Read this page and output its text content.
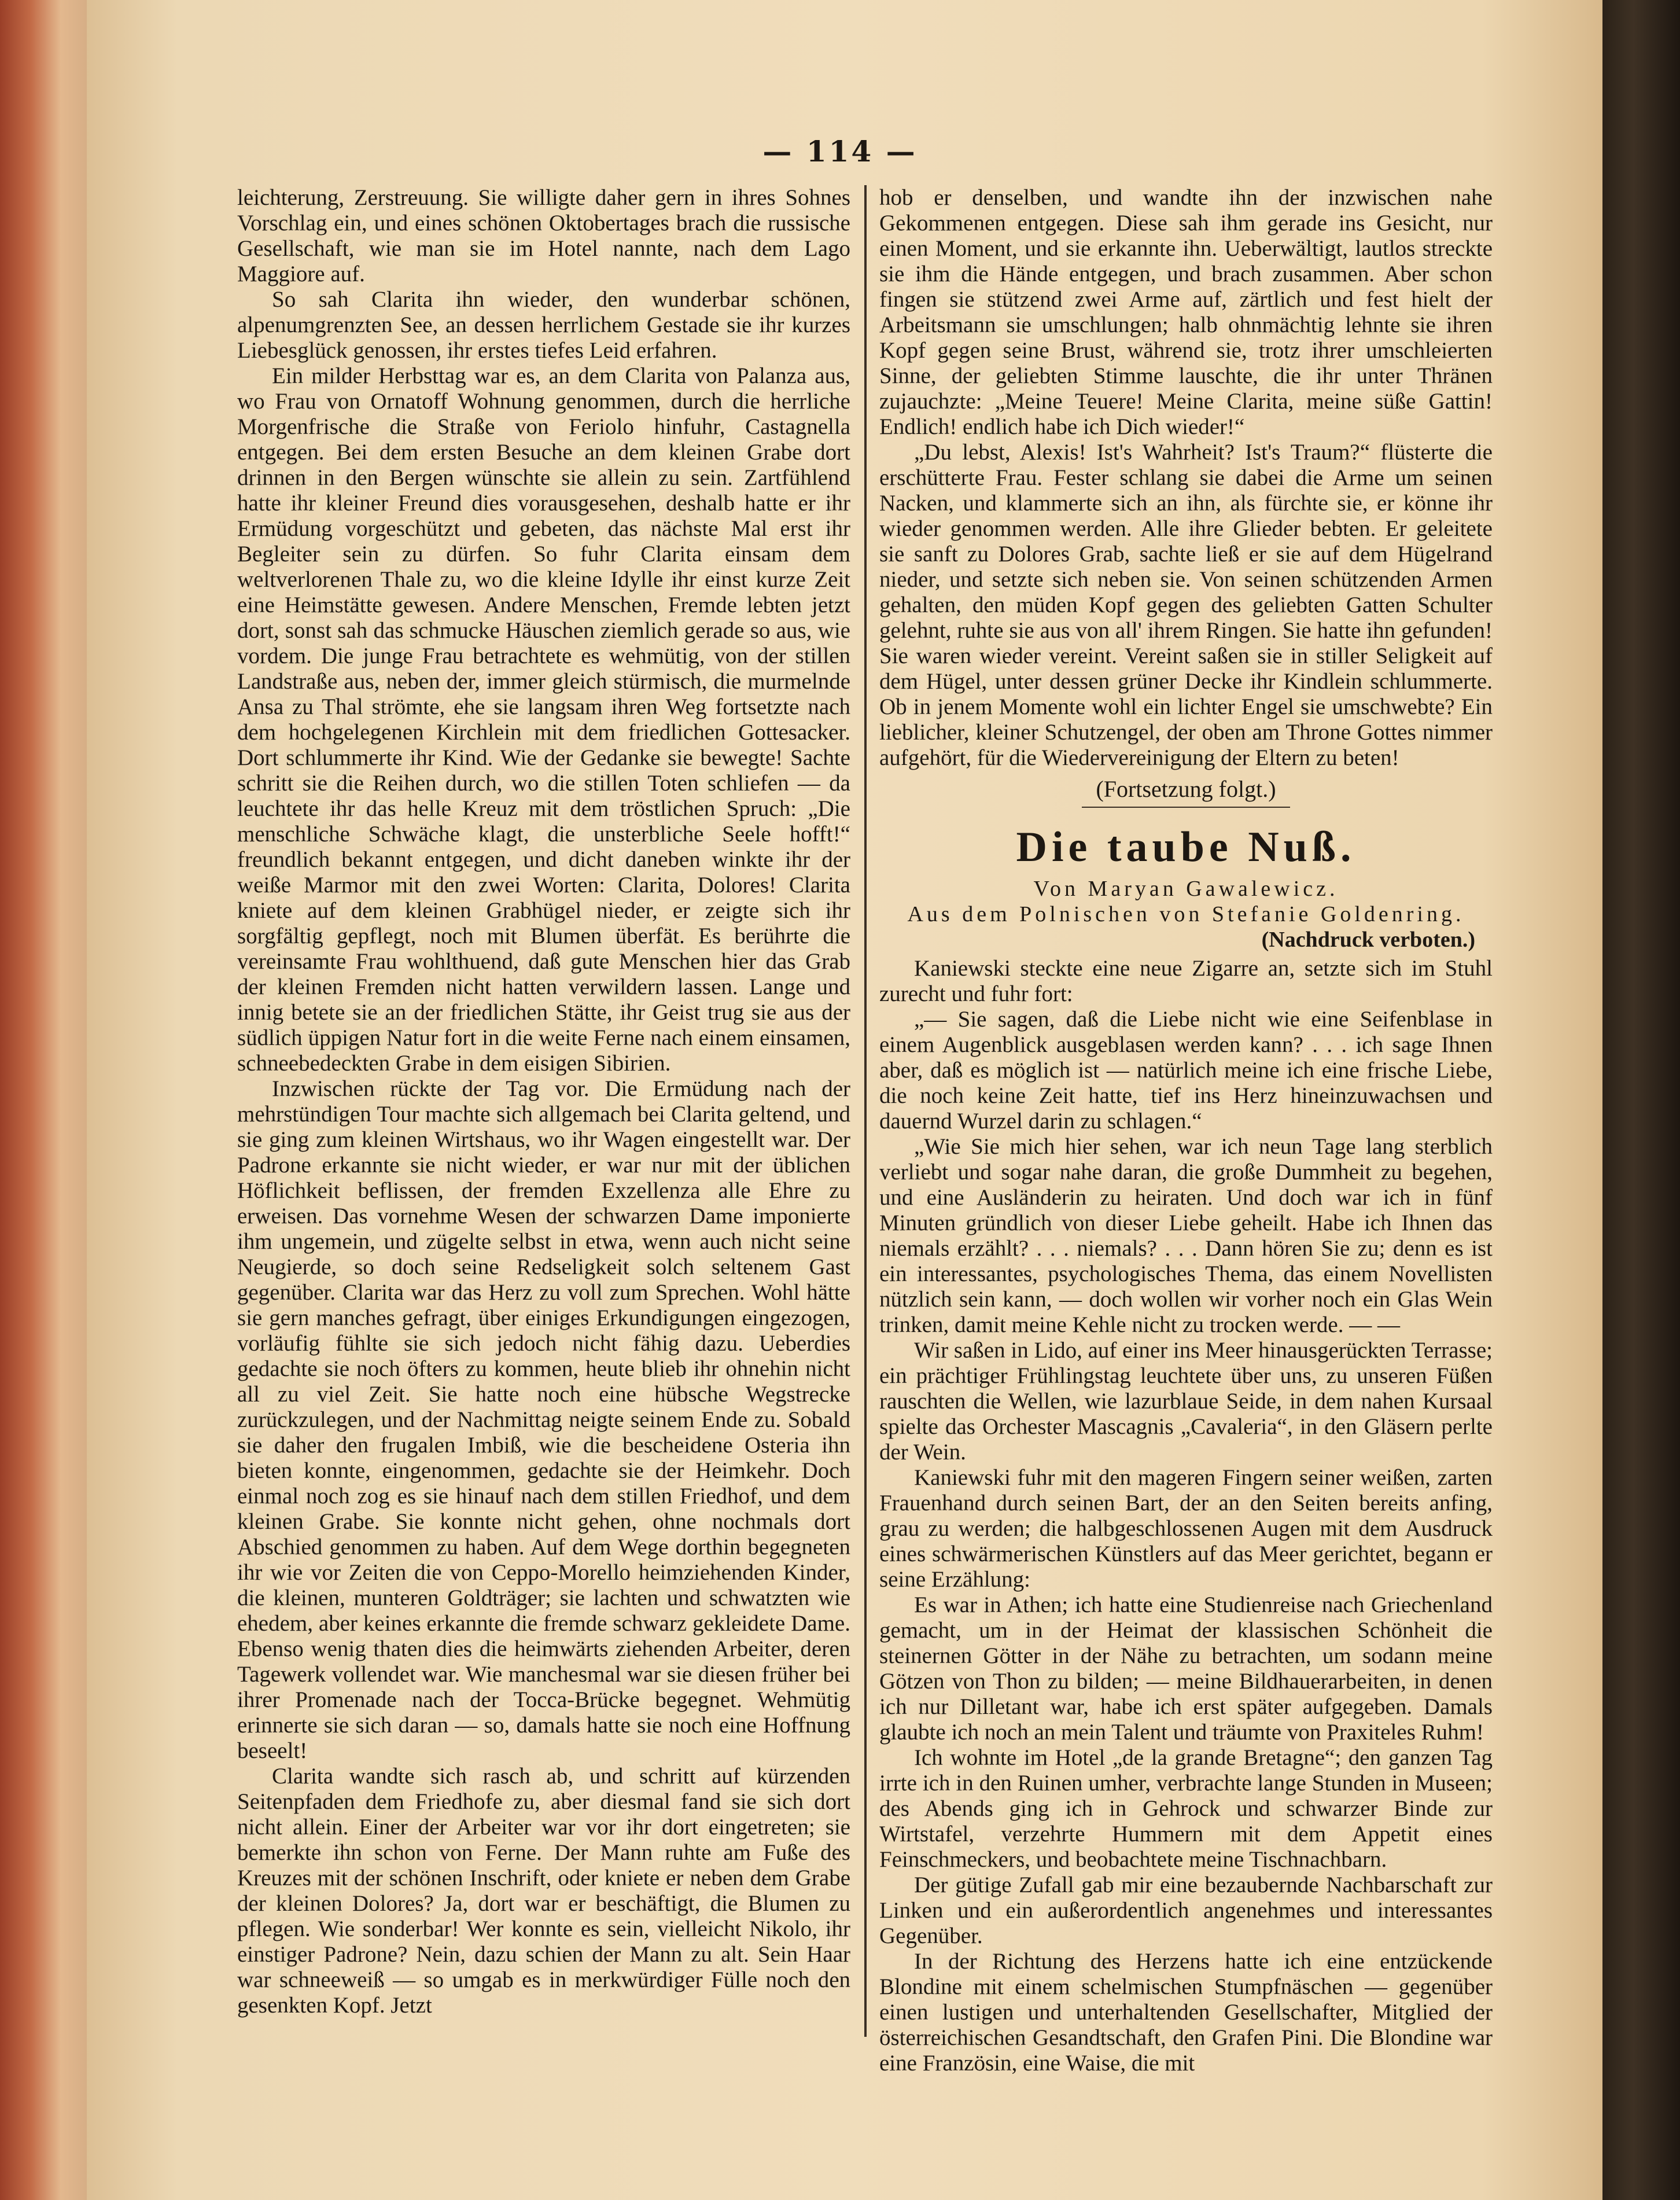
— 114 —

leichterung, Zerstreuung. Sie willigte daher gern in ihres Sohnes Vorschlag ein, und eines schönen Oktobertages brach die russische Gesellschaft, wie man sie im Hotel nannte, nach dem Lago Maggiore auf.

So sah Clarita ihn wieder, den wunderbar schönen, alpenumgrenzten See, an dessen herrlichem Gestade sie ihr kurzes Liebesglück genossen, ihr erstes tiefes Leid erfahren.

Ein milder Herbsttag war es, an dem Clarita von Palanza aus, wo Frau von Ornatoff Wohnung genommen, durch die herrliche Morgenfrische die Straße von Feriolo hinfuhr, Castagnella entgegen. Bei dem ersten Besuche an dem kleinen Grabe dort drinnen in den Bergen wünschte sie allein zu sein. Zartfühlend hatte ihr kleiner Freund dies vorausgesehen, deshalb hatte er ihr Ermüdung vorgeschützt und gebeten, das nächste Mal erst ihr Begleiter sein zu dürfen. So fuhr Clarita einsam dem weltverlorenen Thale zu, wo die kleine Idylle ihr einst kurze Zeit eine Heimstätte gewesen. Andere Menschen, Fremde lebten jetzt dort, sonst sah das schmucke Häuschen ziemlich gerade so aus, wie vordem. Die junge Frau betrachtete es wehmütig, von der stillen Landstraße aus, neben der, immer gleich stürmisch, die murmelnde Ansa zu Thal strömte, ehe sie langsam ihren Weg fortsetzte nach dem hochgelegenen Kirchlein mit dem friedlichen Gottesacker. Dort schlummerte ihr Kind. Wie der Gedanke sie bewegte! Sachte schritt sie die Reihen durch, wo die stillen Toten schliefen — da leuchtete ihr das helle Kreuz mit dem tröstlichen Spruch: „Die menschliche Schwäche klagt, die unsterbliche Seele hofft!“ freundlich bekannt entgegen, und dicht daneben winkte ihr der weiße Marmor mit den zwei Worten: Clarita, Dolores! Clarita kniete auf dem kleinen Grabhügel nieder, er zeigte sich ihr sorgfältig gepflegt, noch mit Blumen überfät. Es berührte die vereinsamte Frau wohlthuend, daß gute Menschen hier das Grab der kleinen Fremden nicht hatten verwildern lassen. Lange und innig betete sie an der friedlichen Stätte, ihr Geist trug sie aus der südlich üppigen Natur fort in die weite Ferne nach einem einsamen, schneebedeckten Grabe in dem eisigen Sibirien.

Inzwischen rückte der Tag vor. Die Ermüdung nach der mehrstündigen Tour machte sich allgemach bei Clarita geltend, und sie ging zum kleinen Wirtshaus, wo ihr Wagen eingestellt war. Der Padrone erkannte sie nicht wieder, er war nur mit der üblichen Höflichkeit beflissen, der fremden Exzellenza alle Ehre zu erweisen. Das vornehme Wesen der schwarzen Dame imponierte ihm ungemein, und zügelte selbst in etwa, wenn auch nicht seine Neugierde, so doch seine Redseligkeit solch seltenem Gast gegenüber. Clarita war das Herz zu voll zum Sprechen. Wohl hätte sie gern manches gefragt, über einiges Erkundigungen eingezogen, vorläufig fühlte sie sich jedoch nicht fähig dazu. Ueberdies gedachte sie noch öfters zu kommen, heute blieb ihr ohnehin nicht all zu viel Zeit. Sie hatte noch eine hübsche Wegstrecke zurückzulegen, und der Nachmittag neigte seinem Ende zu. Sobald sie daher den frugalen Imbiß, wie die bescheidene Osteria ihn bieten konnte, eingenommen, gedachte sie der Heimkehr. Doch einmal noch zog es sie hinauf nach dem stillen Friedhof, und dem kleinen Grabe. Sie konnte nicht gehen, ohne nochmals dort Abschied genommen zu haben. Auf dem Wege dorthin begegneten ihr wie vor Zeiten die von Ceppo-Morello heimziehenden Kinder, die kleinen, munteren Goldträger; sie lachten und schwatzten wie ehedem, aber keines erkannte die fremde schwarz gekleidete Dame. Ebenso wenig thaten dies die heimwärts ziehenden Arbeiter, deren Tagewerk vollendet war. Wie manchesmal war sie diesen früher bei ihrer Promenade nach der Tocca-Brücke begegnet. Wehmütig erinnerte sie sich daran — so, damals hatte sie noch eine Hoffnung beseelt!

Clarita wandte sich rasch ab, und schritt auf kürzenden Seitenpfaden dem Friedhofe zu, aber diesmal fand sie sich dort nicht allein. Einer der Arbeiter war vor ihr dort eingetreten; sie bemerkte ihn schon von Ferne. Der Mann ruhte am Fuße des Kreuzes mit der schönen Inschrift, oder kniete er neben dem Grabe der kleinen Dolores? Ja, dort war er beschäftigt, die Blumen zu pflegen. Wie sonderbar! Wer konnte es sein, vielleicht Nikolo, ihr einstiger Padrone? Nein, dazu schien der Mann zu alt. Sein Haar war schneeweiß — so umgab es in merkwürdiger Fülle noch den gesenkten Kopf. Jetzt

hob er denselben, und wandte ihn der inzwischen nahe Gekommenen entgegen. Diese sah ihm gerade ins Gesicht, nur einen Moment, und sie erkannte ihn. Ueberwältigt, lautlos streckte sie ihm die Hände entgegen, und brach zusammen. Aber schon fingen sie stützend zwei Arme auf, zärtlich und fest hielt der Arbeitsmann sie umschlungen; halb ohnmächtig lehnte sie ihren Kopf gegen seine Brust, während sie, trotz ihrer umschleierten Sinne, der geliebten Stimme lauschte, die ihr unter Thränen zujauchzte: „Meine Teuere! Meine Clarita, meine süße Gattin! Endlich! endlich habe ich Dich wieder!“

„Du lebst, Alexis! Ist's Wahrheit? Ist's Traum?“ flüsterte die erschütterte Frau. Fester schlang sie dabei die Arme um seinen Nacken, und klammerte sich an ihn, als fürchte sie, er könne ihr wieder genommen werden. Alle ihre Glieder bebten. Er geleitete sie sanft zu Dolores Grab, sachte ließ er sie auf dem Hügelrand nieder, und setzte sich neben sie. Von seinen schützenden Armen gehalten, den müden Kopf gegen des geliebten Gatten Schulter gelehnt, ruhte sie aus von all' ihrem Ringen. Sie hatte ihn gefunden! Sie waren wieder vereint. Vereint saßen sie in stiller Seligkeit auf dem Hügel, unter dessen grüner Decke ihr Kindlein schlummerte. Ob in jenem Momente wohl ein lichter Engel sie umschwebte? Ein lieblicher, kleiner Schutzengel, der oben am Throne Gottes nimmer aufgehört, für die Wiedervereinigung der Eltern zu beten!

(Fortsetzung folgt.)

Die taube Nuß.

Von Maryan Gawalewicz.

Aus dem Polnischen von Stefanie Goldenring.

(Nachdruck verboten.)

Kaniewski steckte eine neue Zigarre an, setzte sich im Stuhl zurecht und fuhr fort:

„— Sie sagen, daß die Liebe nicht wie eine Seifenblase in einem Augenblick ausgeblasen werden kann? . . . ich sage Ihnen aber, daß es möglich ist — natürlich meine ich eine frische Liebe, die noch keine Zeit hatte, tief ins Herz hineinzuwachsen und dauernd Wurzel darin zu schlagen.“

„Wie Sie mich hier sehen, war ich neun Tage lang sterblich verliebt und sogar nahe daran, die große Dummheit zu begehen, und eine Ausländerin zu heiraten. Und doch war ich in fünf Minuten gründlich von dieser Liebe geheilt. Habe ich Ihnen das niemals erzählt? . . . niemals? . . . Dann hören Sie zu; denn es ist ein interessantes, psychologisches Thema, das einem Novellisten nützlich sein kann, — doch wollen wir vorher noch ein Glas Wein trinken, damit meine Kehle nicht zu trocken werde. — —

Wir saßen in Lido, auf einer ins Meer hinausgerückten Terrasse; ein prächtiger Frühlingstag leuchtete über uns, zu unseren Füßen rauschten die Wellen, wie lazurblaue Seide, in dem nahen Kursaal spielte das Orchester Mascagnis „Cavaleria“, in den Gläsern perlte der Wein.

Kaniewski fuhr mit den mageren Fingern seiner weißen, zarten Frauenhand durch seinen Bart, der an den Seiten bereits anfing, grau zu werden; die halbgeschlossenen Augen mit dem Ausdruck eines schwärmerischen Künstlers auf das Meer gerichtet, begann er seine Erzählung:

Es war in Athen; ich hatte eine Studienreise nach Griechenland gemacht, um in der Heimat der klassischen Schönheit die steinernen Götter in der Nähe zu betrachten, um sodann meine Götzen von Thon zu bilden; — meine Bildhauerarbeiten, in denen ich nur Dilletant war, habe ich erst später aufgegeben. Damals glaubte ich noch an mein Talent und träumte von Praxiteles Ruhm!

Ich wohnte im Hotel „de la grande Bretagne“; den ganzen Tag irrte ich in den Ruinen umher, verbrachte lange Stunden in Museen; des Abends ging ich in Gehrock und schwarzer Binde zur Wirtstafel, verzehrte Hummern mit dem Appetit eines Feinschmeckers, und beobachtete meine Tischnachbarn.

Der gütige Zufall gab mir eine bezaubernde Nachbarschaft zur Linken und ein außerordentlich angenehmes und interessantes Gegenüber.

In der Richtung des Herzens hatte ich eine entzückende Blondine mit einem schelmischen Stumpfnäschen — gegenüber einen lustigen und unterhaltenden Gesellschafter, Mitglied der österreichischen Gesandtschaft, den Grafen Pini. Die Blondine war eine Französin, eine Waise, die mit
